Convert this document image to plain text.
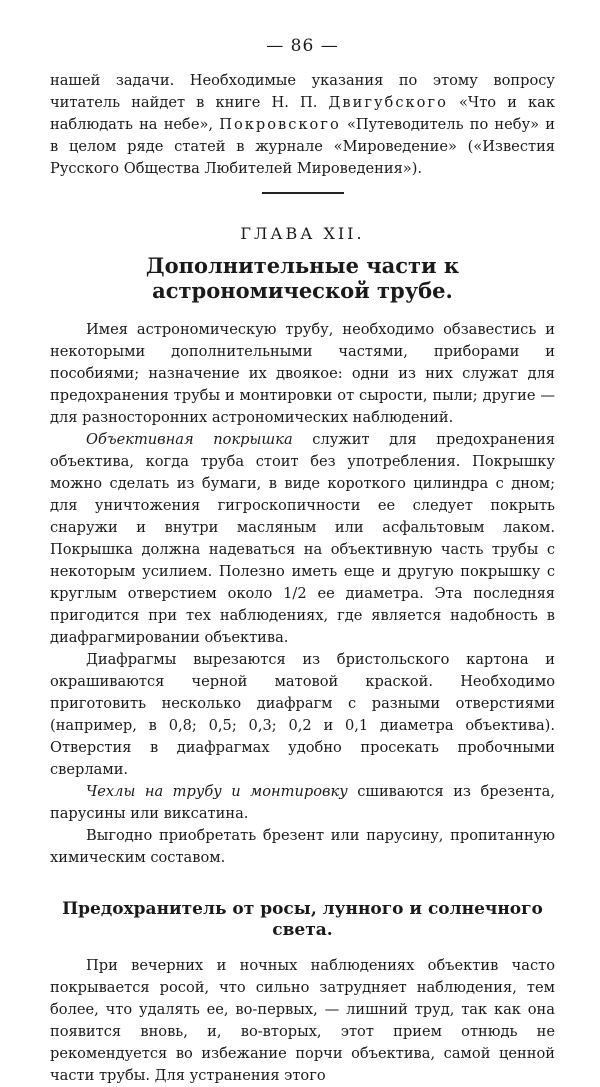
— 86 —

нашей задачи. Необходимые указания по этому вопросу читатель найдет в книге Н. П. Двигубского «Что и как наблюдать на небе», Покровского «Путеводитель по небу» и в целом ряде статей в журнале «Мироведение» («Известия Русского Общества Любителей Мироведения»).

ГЛАВА XII.
Дополнительные части к астрономической трубе.

Имея астрономическую трубу, необходимо обзавестись и некоторыми дополнительными частями, приборами и пособиями; назначение их двоякое: одни из них служат для предохранения трубы и монтировки от сырости, пыли; другие — для разносторонних астрономических наблюдений.

Объективная покрышка служит для предохранения объектива, когда труба стоит без употребления. Покрышку можно сделать из бумаги, в виде короткого цилиндра с дном; для уничтожения гигроскопичности ее следует покрыть снаружи и внутри масляным или асфальтовым лаком. Покрышка должна надеваться на объективную часть трубы с некоторым усилием. Полезно иметь еще и другую покрышку с круглым отверстием около 1/2 ее диаметра. Эта последняя пригодится при тех наблюдениях, где является надобность в диафрагмировании объектива.

Диафрагмы вырезаются из бристольского картона и окрашиваются черной матовой краской. Необходимо приготовить несколько диафрагм с разными отверстиями (например, в 0,8; 0,5; 0,3; 0,2 и 0,1 диаметра объектива). Отверстия в диафрагмах удобно просекать пробочными сверлами.

Чехлы на трубу и монтировку сшиваются из брезента, парусины или виксатина.

Выгодно приобретать брезент или парусину, пропитанную химическим составом.

Предохранитель от росы, лунного и солнечного света.

При вечерних и ночных наблюдениях объектив часто покрывается росой, что сильно затрудняет наблюдения, тем более, что удалять ее, во-первых, — лишний труд, так как она появится вновь, и, во-вторых, этот прием отнюдь не рекомендуется во избежание порчи объектива, самой ценной части трубы. Для устранения этого
